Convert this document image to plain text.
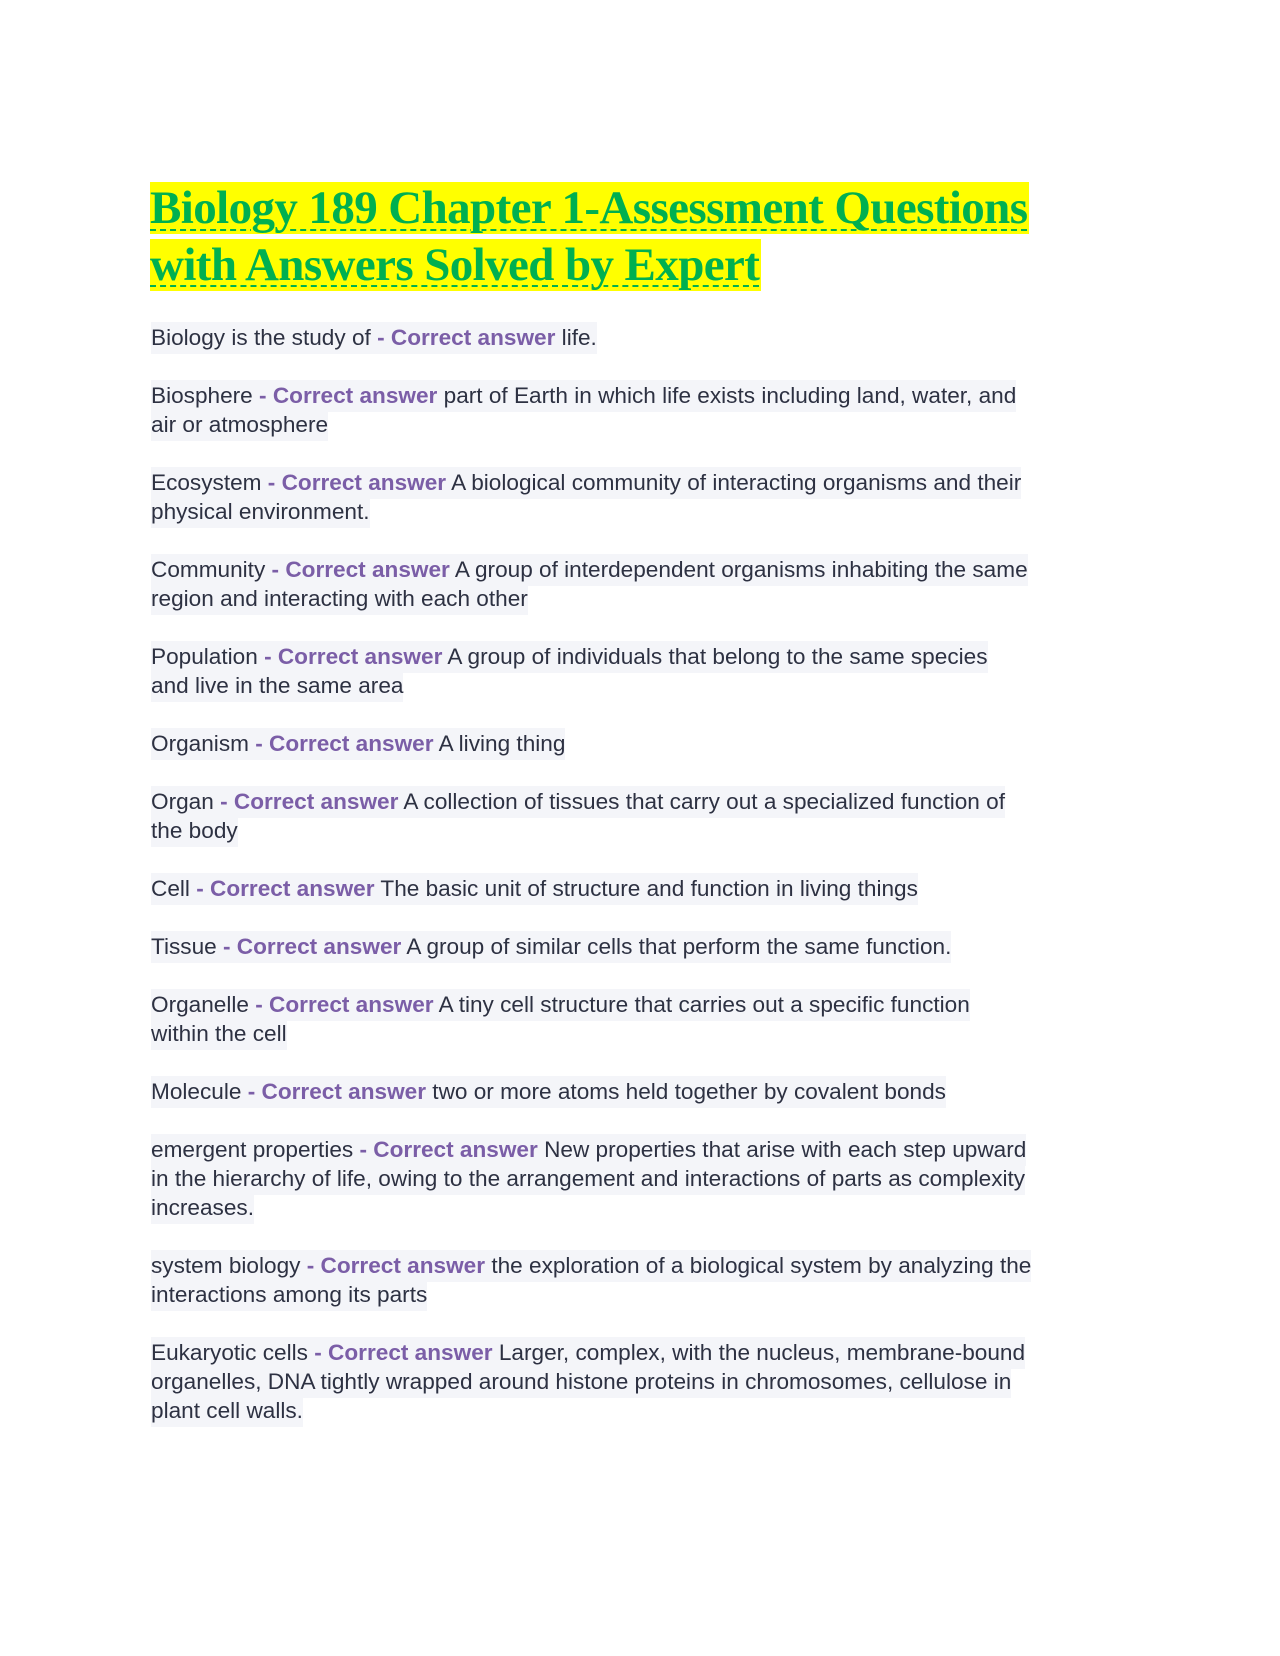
Biology 189 Chapter 1-Assessment Questions
with Answers Solved by Expert
Biology is the study of - Correct answer life.
Biosphere - Correct answer part of Earth in which life exists including land, water, and
air or atmosphere
Ecosystem - Correct answer A biological community of interacting organisms and their
physical environment.
Community - Correct answer A group of interdependent organisms inhabiting the same
region and interacting with each other
Population - Correct answer A group of individuals that belong to the same species
and live in the same area
Organism - Correct answer A living thing
Organ - Correct answer A collection of tissues that carry out a specialized function of
the body
Cell - Correct answer The basic unit of structure and function in living things
Tissue - Correct answer A group of similar cells that perform the same function.
Organelle - Correct answer A tiny cell structure that carries out a specific function
within the cell
Molecule - Correct answer two or more atoms held together by covalent bonds
emergent properties - Correct answer New properties that arise with each step upward
in the hierarchy of life, owing to the arrangement and interactions of parts as complexity
increases.
system biology - Correct answer the exploration of a biological system by analyzing the
interactions among its parts
Eukaryotic cells - Correct answer Larger, complex, with the nucleus, membrane-bound
organelles, DNA tightly wrapped around histone proteins in chromosomes, cellulose in
plant cell walls.
